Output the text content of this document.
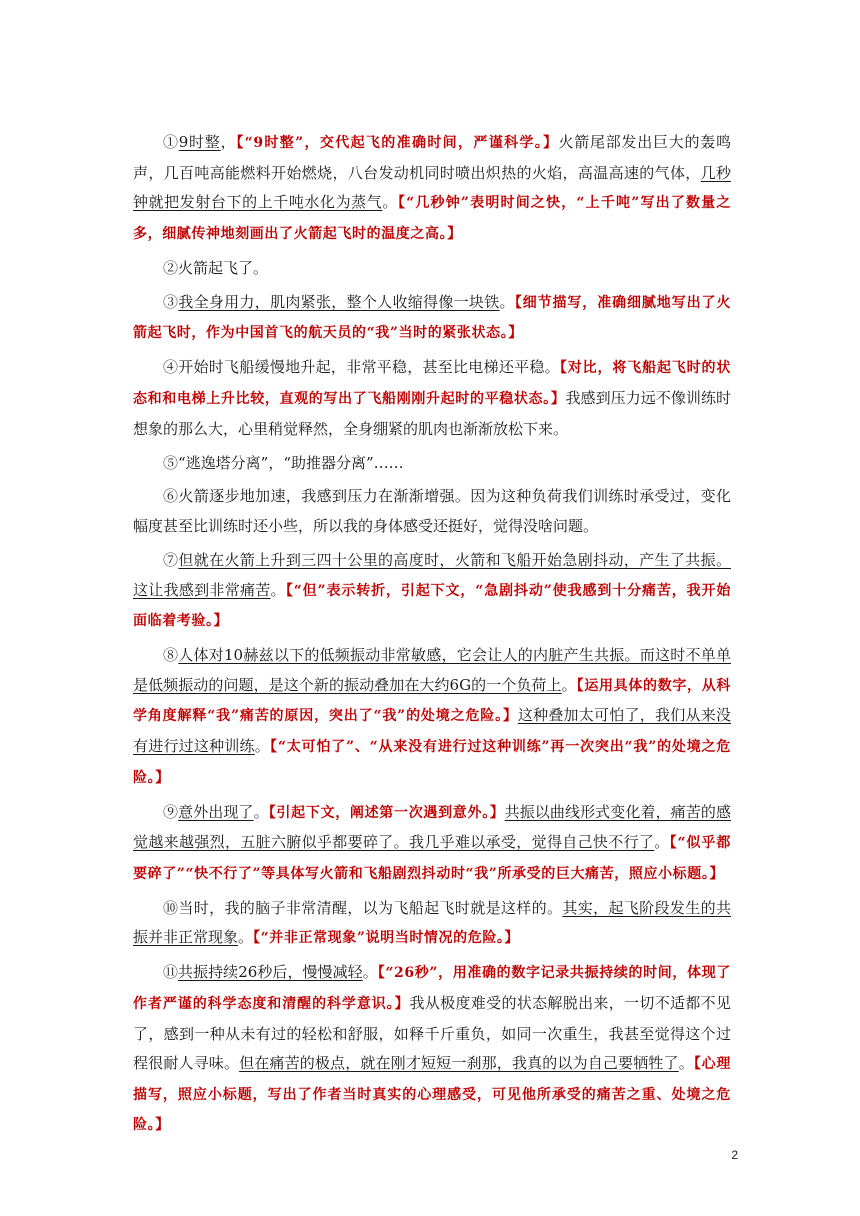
①9时整，【“9时整”，交代起飞的准确时间，严谨科学。】火箭尾部发出巨大的轰鸣声，几百吨高能燃料开始燃烧，八台发动机同时喷出炽热的火焰，高温高速的气体，几秒钟就把发射台下的上千吨水化为蒸气。【“几秒钟”表明时间之快，“上千吨”写出了数量之多，细腻传神地刻画出了火箭起飞时的温度之高。】

②火箭起飞了。

③我全身用力，肌肉紧张，整个人收缩得像一块铁。【细节描写，准确细腻地写出了火箭起飞时，作为中国首飞的航天员的“我”当时的紧张状态。】

④开始时飞船缓慢地升起，非常平稳，甚至比电梯还平稳。【对比，将飞船起飞时的状态和和电梯上升比较，直观的写出了飞船刚刚升起时的平稳状态。】我感到压力远不像训练时想象的那么大，心里稍觉释然，全身绷紧的肌肉也渐渐放松下来。

⑤“逃逸塔分离”，“助推器分离”……

⑥火箭逐步地加速，我感到压力在渐渐增强。因为这种负荷我们训练时承受过，变化幅度甚至比训练时还小些，所以我的身体感受还挺好，觉得没啥问题。

⑦但就在火箭上升到三四十公里的高度时，火箭和飞船开始急剧抖动，产生了共振。这让我感到非常痛苦。【“但”表示转折，引起下文，“急剧抖动”使我感到十分痛苦，我开始面临着考验。】

⑧人体对10赫兹以下的低频振动非常敏感，它会让人的内脏产生共振。而这时不单单是低频振动的问题，是这个新的振动叠加在大约6G的一个负荷上。【运用具体的数字，从科学角度解释“我”痛苦的原因，突出了“我”的处境之危险。】这种叠加太可怕了，我们从来没有进行过这种训练。【“太可怕了”、“从来没有进行过这种训练”再一次突出“我”的处境之危险。】

⑨意外出现了。【引起下文，阐述第一次遇到意外。】共振以曲线形式变化着，痛苦的感觉越来越强烈，五脏六腑似乎都要碎了。我几乎难以承受，觉得自己快不行了。【“似乎都要碎了”“快不行了”等具体写火箭和飞船剧烈抖动时“我”所承受的巨大痛苦，照应小标题。】

⑩当时，我的脑子非常清醒，以为飞船起飞时就是这样的。其实，起飞阶段发生的共振并非正常现象。【“并非正常现象”说明当时情况的危险。】

⑪共振持续26秒后，慢慢减轻。【“26秒”，用准确的数字记录共振持续的时间，体现了作者严谨的科学态度和清醒的科学意识。】我从极度难受的状态解脱出来，一切不适都不见了，感到一种从未有过的轻松和舒服，如释千斤重负，如同一次重生，我甚至觉得这个过程很耐人寻味。但在痛苦的极点，就在刚才短短一刹那，我真的以为自己要牺牲了。【心理描写，照应小标题，写出了作者当时真实的心理感受，可见他所承受的痛苦之重、处境之危险。】

2
